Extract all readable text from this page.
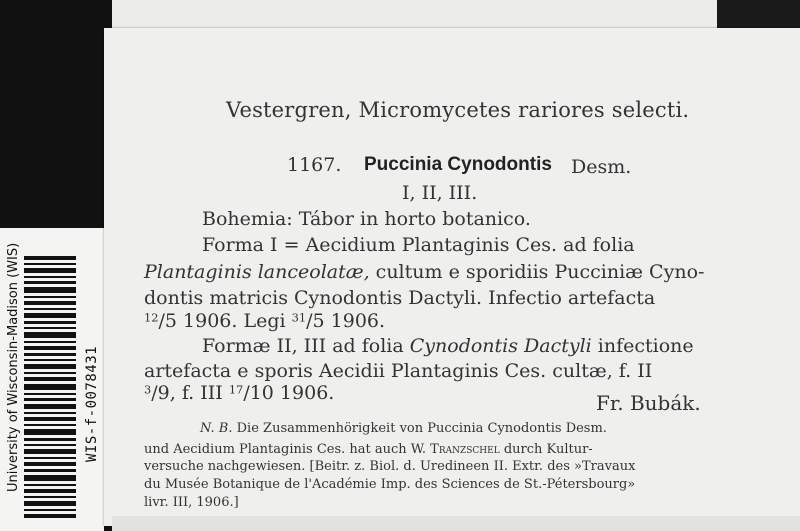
University of Wisconsin-Madison (WIS)	WIS-f-0078431
Vestergren, Micromycetes rariores selecti.
1167. Puccinia Cynodontis Desm.
I, II, III.
Bohemia: Tábor in horto botanico.
Forma I = Aecidium Plantaginis Ces. ad folia
Plantaginis lanceolatæ, cultum e sporidiis Pucciniæ Cyno-
dontis matricis Cynodontis Dactyli. Infectio artefacta
$^{12}$/5 1906. Legi $^{31}$/5 1906.
Formæ II, III ad folia Cynodontis Dactyli infectione
artefacta e sporis Aecidii Plantaginis Ces. cultæ, f. II
$^3$/9, f. III $^{17}$/10 1906.	Fr. Bubák.
N. B. Die Zusammenhörigkeit von Puccinia Cynodontis Desm.
und Aecidium Plantaginis Ces. hat auch W. Tranzschel durch Kultur-
versuche nachgewiesen. [Beitr. z. Biol. d. Uredineen II. Extr. des »Travaux
du Musée Botanique de l'Académie Imp. des Sciences de St.-Pétersbourg»
livr. III, 1906.]
